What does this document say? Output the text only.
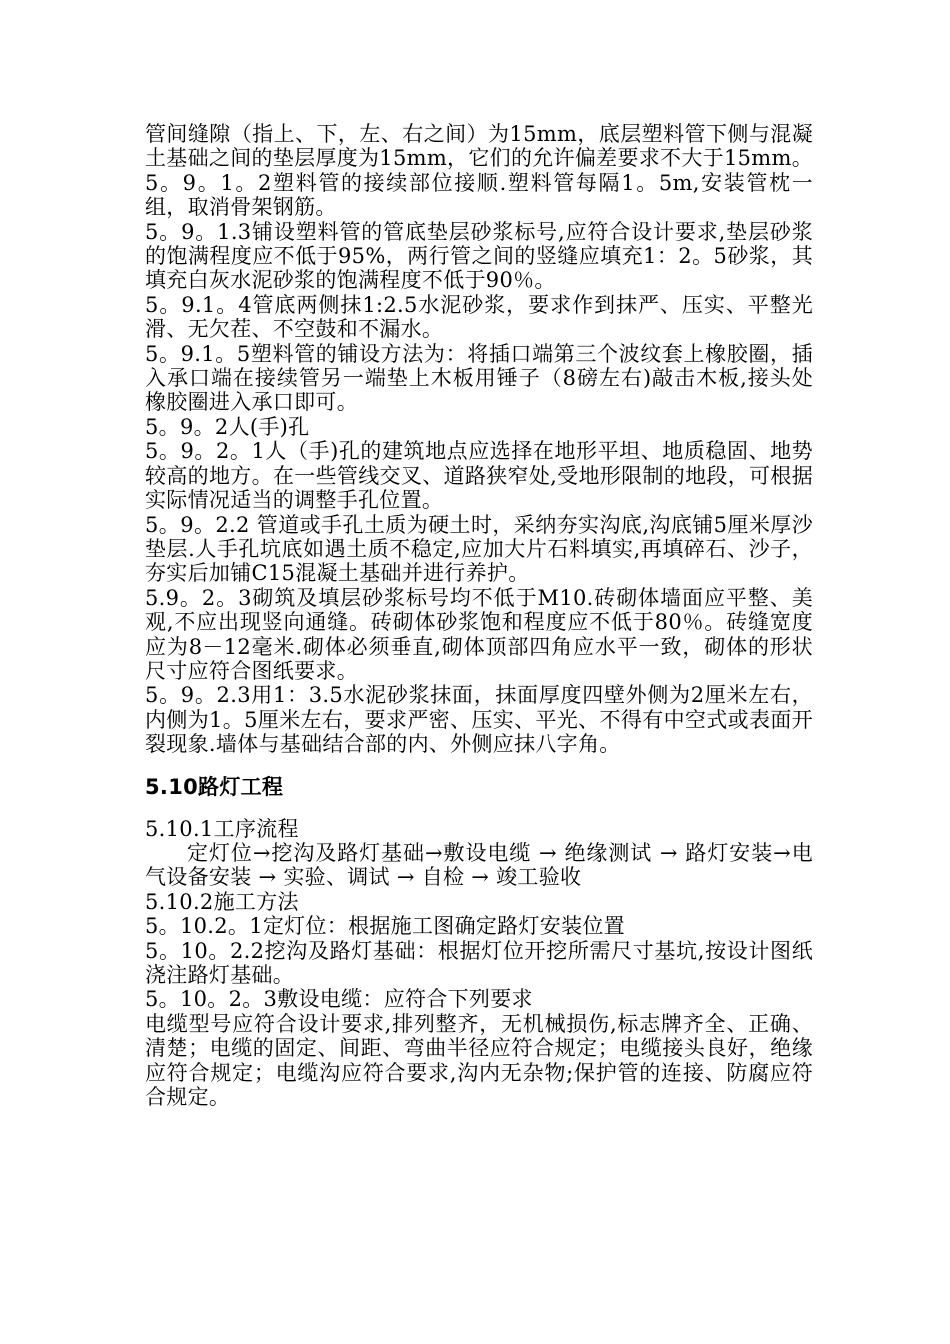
管间缝隙（指上、下，左、右之间）为15mm，底层塑料管下侧与混凝土基础之间的垫层厚度为15mm，它们的允许偏差要求不大于15mm。

5。9。1。2塑料管的接续部位接顺.塑料管每隔1。5m,安装管枕一组，取消骨架钢筋。

5。9。1.3铺设塑料管的管底垫层砂浆标号,应符合设计要求,垫层砂浆的饱满程度应不低于95%，两行管之间的竖缝应填充1：2。5砂浆，其填充白灰水泥砂浆的饱满程度不低于90％。

5。9.1。4管底两侧抹1:2.5水泥砂浆，要求作到抹严、压实、平整光滑、无欠茬、不空鼓和不漏水。

5。9.1。5塑料管的铺设方法为：将插口端第三个波纹套上橡胶圈，插入承口端在接续管另一端垫上木板用锤子（8磅左右)敲击木板,接头处橡胶圈进入承口即可。

5。9。2人(手)孔

5。9。2。1人（手)孔的建筑地点应选择在地形平坦、地质稳固、地势较高的地方。在一些管线交叉、道路狭窄处,受地形限制的地段，可根据实际情况适当的调整手孔位置。

5。9。2.2 管道或手孔土质为硬土时，采纳夯实沟底,沟底铺5厘米厚沙垫层.人手孔坑底如遇土质不稳定,应加大片石料填实,再填碎石、沙子，夯实后加铺C15混凝土基础并进行养护。

5.9。2。3砌筑及填层砂浆标号均不低于M10.砖砌体墙面应平整、美观,不应出现竖向通缝。砖砌体砂浆饱和程度应不低于80％。砖缝宽度应为8－12毫米.砌体必须垂直,砌体顶部四角应水平一致，砌体的形状尺寸应符合图纸要求。

5。9。2.3用1：3.5水泥砂浆抹面，抹面厚度四壁外侧为2厘米左右，内侧为1。5厘米左右，要求严密、压实、平光、不得有中空式或表面开裂现象.墙体与基础结合部的内、外侧应抹八字角。

5.10路灯工程

5.10.1工序流程

定灯位→挖沟及路灯基础→敷设电缆 → 绝缘测试 → 路灯安装→电气设备安装 → 实验、调试 → 自检 → 竣工验收

5.10.2施工方法

5。10.2。1定灯位：根据施工图确定路灯安装位置

5。10。2.2挖沟及路灯基础：根据灯位开挖所需尺寸基坑,按设计图纸浇注路灯基础。

5。10。2。3敷设电缆：应符合下列要求

电缆型号应符合设计要求,排列整齐，无机械损伤,标志牌齐全、正确、清楚；电缆的固定、间距、弯曲半径应符合规定；电缆接头良好，绝缘应符合规定；电缆沟应符合要求,沟内无杂物;保护管的连接、防腐应符合规定。
